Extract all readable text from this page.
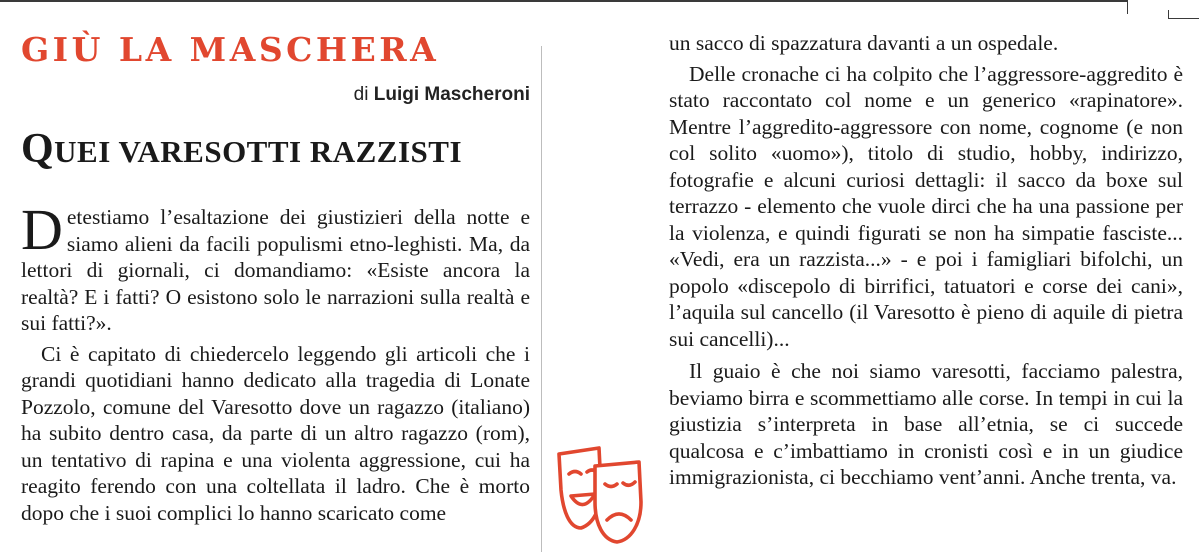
GIÙ LA MASCHERA
di Luigi Mascheroni
QUEI VARESOTTI RAZZISTI

Detestiamo l’esaltazione dei giustizieri della notte e siamo alieni da facili populismi etno-leghisti. Ma, da lettori di giornali, ci domandiamo: «Esiste ancora la realtà? E i fatti? O esistono solo le narrazioni sulla realtà e sui fatti?».

Ci è capitato di chiedercelo leggendo gli articoli che i grandi quotidiani hanno dedicato alla tragedia di Lonate Pozzolo, comune del Varesotto dove un ragazzo (italiano) ha subito dentro casa, da parte di un altro ragazzo (rom), un tentativo di rapina e una violenta aggressione, cui ha reagito ferendo con una coltellata il ladro. Che è morto dopo che i suoi complici lo hanno scaricato come

un sacco di spazzatura davanti a un ospedale.

Delle cronache ci ha colpito che l’aggressore-aggredito è stato raccontato col nome e un generico «rapinatore». Mentre l’aggredito-aggressore con nome, cognome (e non col solito «uomo»), titolo di studio, hobby, indirizzo, fotografie e alcuni curiosi dettagli: il sacco da boxe sul terrazzo - elemento che vuole dirci che ha una passione per la violenza, e quindi figurati se non ha simpatie fasciste... «Vedi, era un razzista...» - e poi i famigliari bifolchi, un popolo «discepolo di birrifici, tatuatori e corse dei cani», l’aquila sul cancello (il Varesotto è pieno di aquile di pietra sui cancelli)...

Il guaio è che noi siamo varesotti, facciamo palestra, beviamo birra e scommettiamo alle corse. In tempi in cui la giustizia s’interpreta in base all’etnia, se ci succede qualcosa e c’imbattiamo in cronisti così e in un giudice immigrazionista, ci becchiamo vent’anni. Anche trenta, va.
